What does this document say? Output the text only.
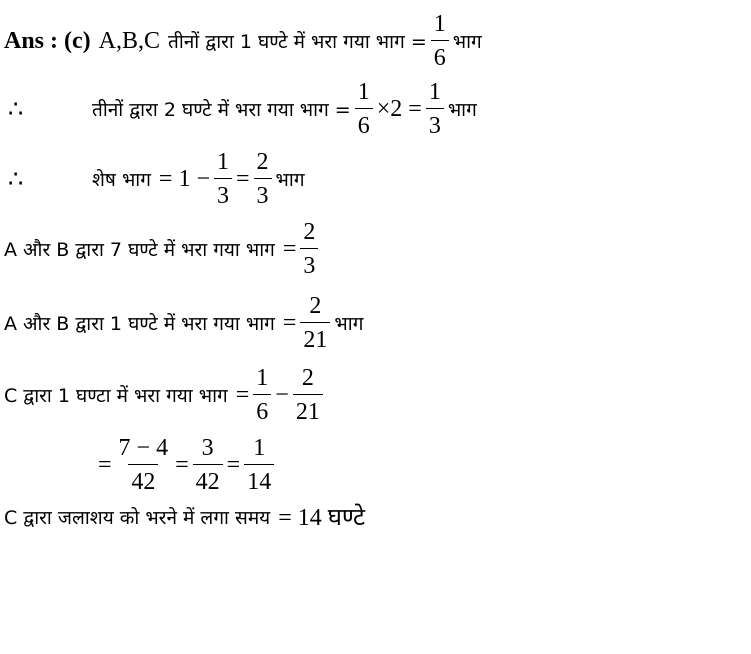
Ans : (c) A,B,C तीनों द्वारा 1 घण्टे में भरा गया भाग = $\frac{1}{6}$ भाग
∴	तीनों द्वारा 2 घण्टे में भरा गया भाग = $\frac{1}{6} \times 2 = \frac{1}{3}$ भाग
∴	शेष भाग = $1 - \frac{1}{3} = \frac{2}{3}$ भाग
A और B द्वारा 7 घण्टे में भरा गया भाग = $\frac{2}{3}$
A और B द्वारा 1 घण्टे में भरा गया भाग = $\frac{2}{21}$ भाग
C द्वारा 1 घण्टा में भरा गया भाग = $\frac{1}{6} - \frac{2}{21}$
= $\frac{7 - 4}{42} = \frac{3}{42} = \frac{1}{14}$
C द्वारा जलाशय को भरने में लगा समय = 14 घण्टे
